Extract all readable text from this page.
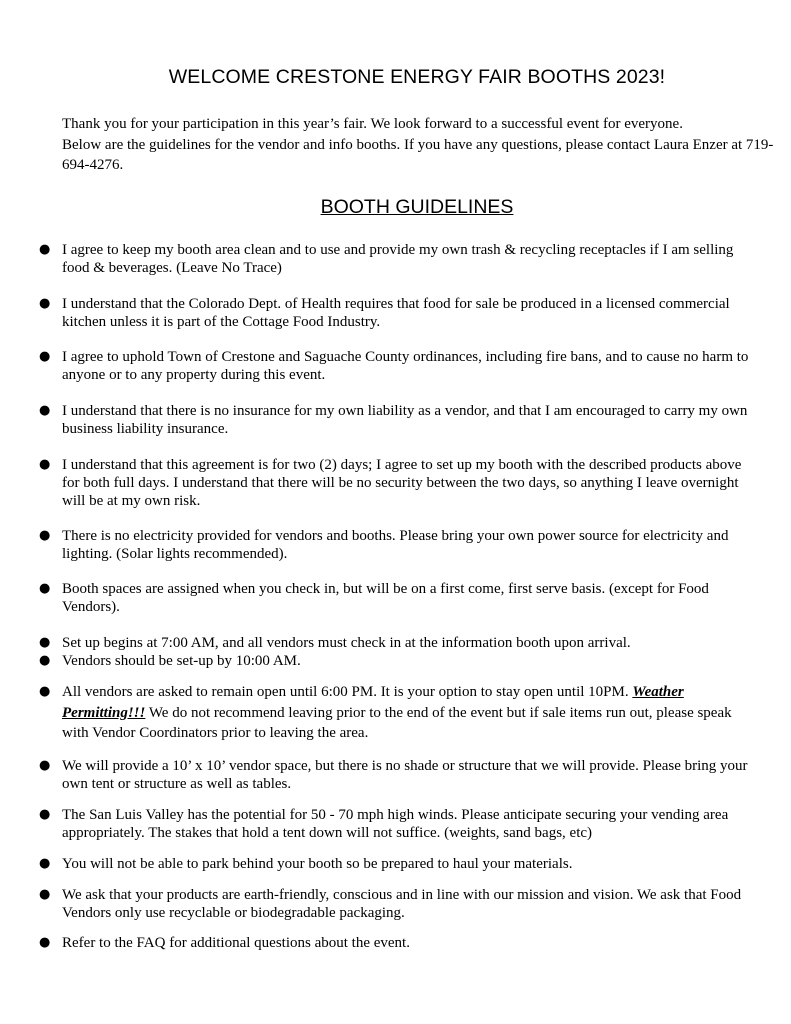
WELCOME CRESTONE ENERGY FAIR BOOTHS 2023!

Thank you for your participation in this year’s fair. We look forward to a successful event for everyone.

Below are the guidelines for the vendor and info booths. If you have any questions, please contact Laura Enzer at 719-694-4276.

BOOTH GUIDELINES
● I agree to keep my booth area clean and to use and provide my own trash & recycling receptacles if I am selling food & beverages. (Leave No Trace)
● I understand that the Colorado Dept. of Health requires that food for sale be produced in a licensed commercial kitchen unless it is part of the Cottage Food Industry.
● I agree to uphold Town of Crestone and Saguache County ordinances, including fire bans, and to cause no harm to anyone or to any property during this event.
● I understand that there is no insurance for my own liability as a vendor, and that I am encouraged to carry my own business liability insurance.
● I understand that this agreement is for two (2) days; I agree to set up my booth with the described products above for both full days. I understand that there will be no security between the two days, so anything I leave overnight will be at my own risk.
● There is no electricity provided for vendors and booths. Please bring your own power source for electricity and lighting. (Solar lights recommended).
● Booth spaces are assigned when you check in, but will be on a first come, first serve basis. (except for Food Vendors).
● Set up begins at 7:00 AM, and all vendors must check in at the information booth upon arrival.
● Vendors should be set-up by 10:00 AM.
● All vendors are asked to remain open until 6:00 PM. It is your option to stay open until 10PM. Weather Permitting!!! We do not recommend leaving prior to the end of the event but if sale items run out, please speak with Vendor Coordinators prior to leaving the area.
● We will provide a 10’ x 10’ vendor space, but there is no shade or structure that we will provide. Please bring your own tent or structure as well as tables.
● The San Luis Valley has the potential for 50 - 70 mph high winds. Please anticipate securing your vending area appropriately. The stakes that hold a tent down will not suffice. (weights, sand bags, etc)
● You will not be able to park behind your booth so be prepared to haul your materials.
● We ask that your products are earth-friendly, conscious and in line with our mission and vision. We ask that Food Vendors only use recyclable or biodegradable packaging.
● Refer to the FAQ for additional questions about the event.
